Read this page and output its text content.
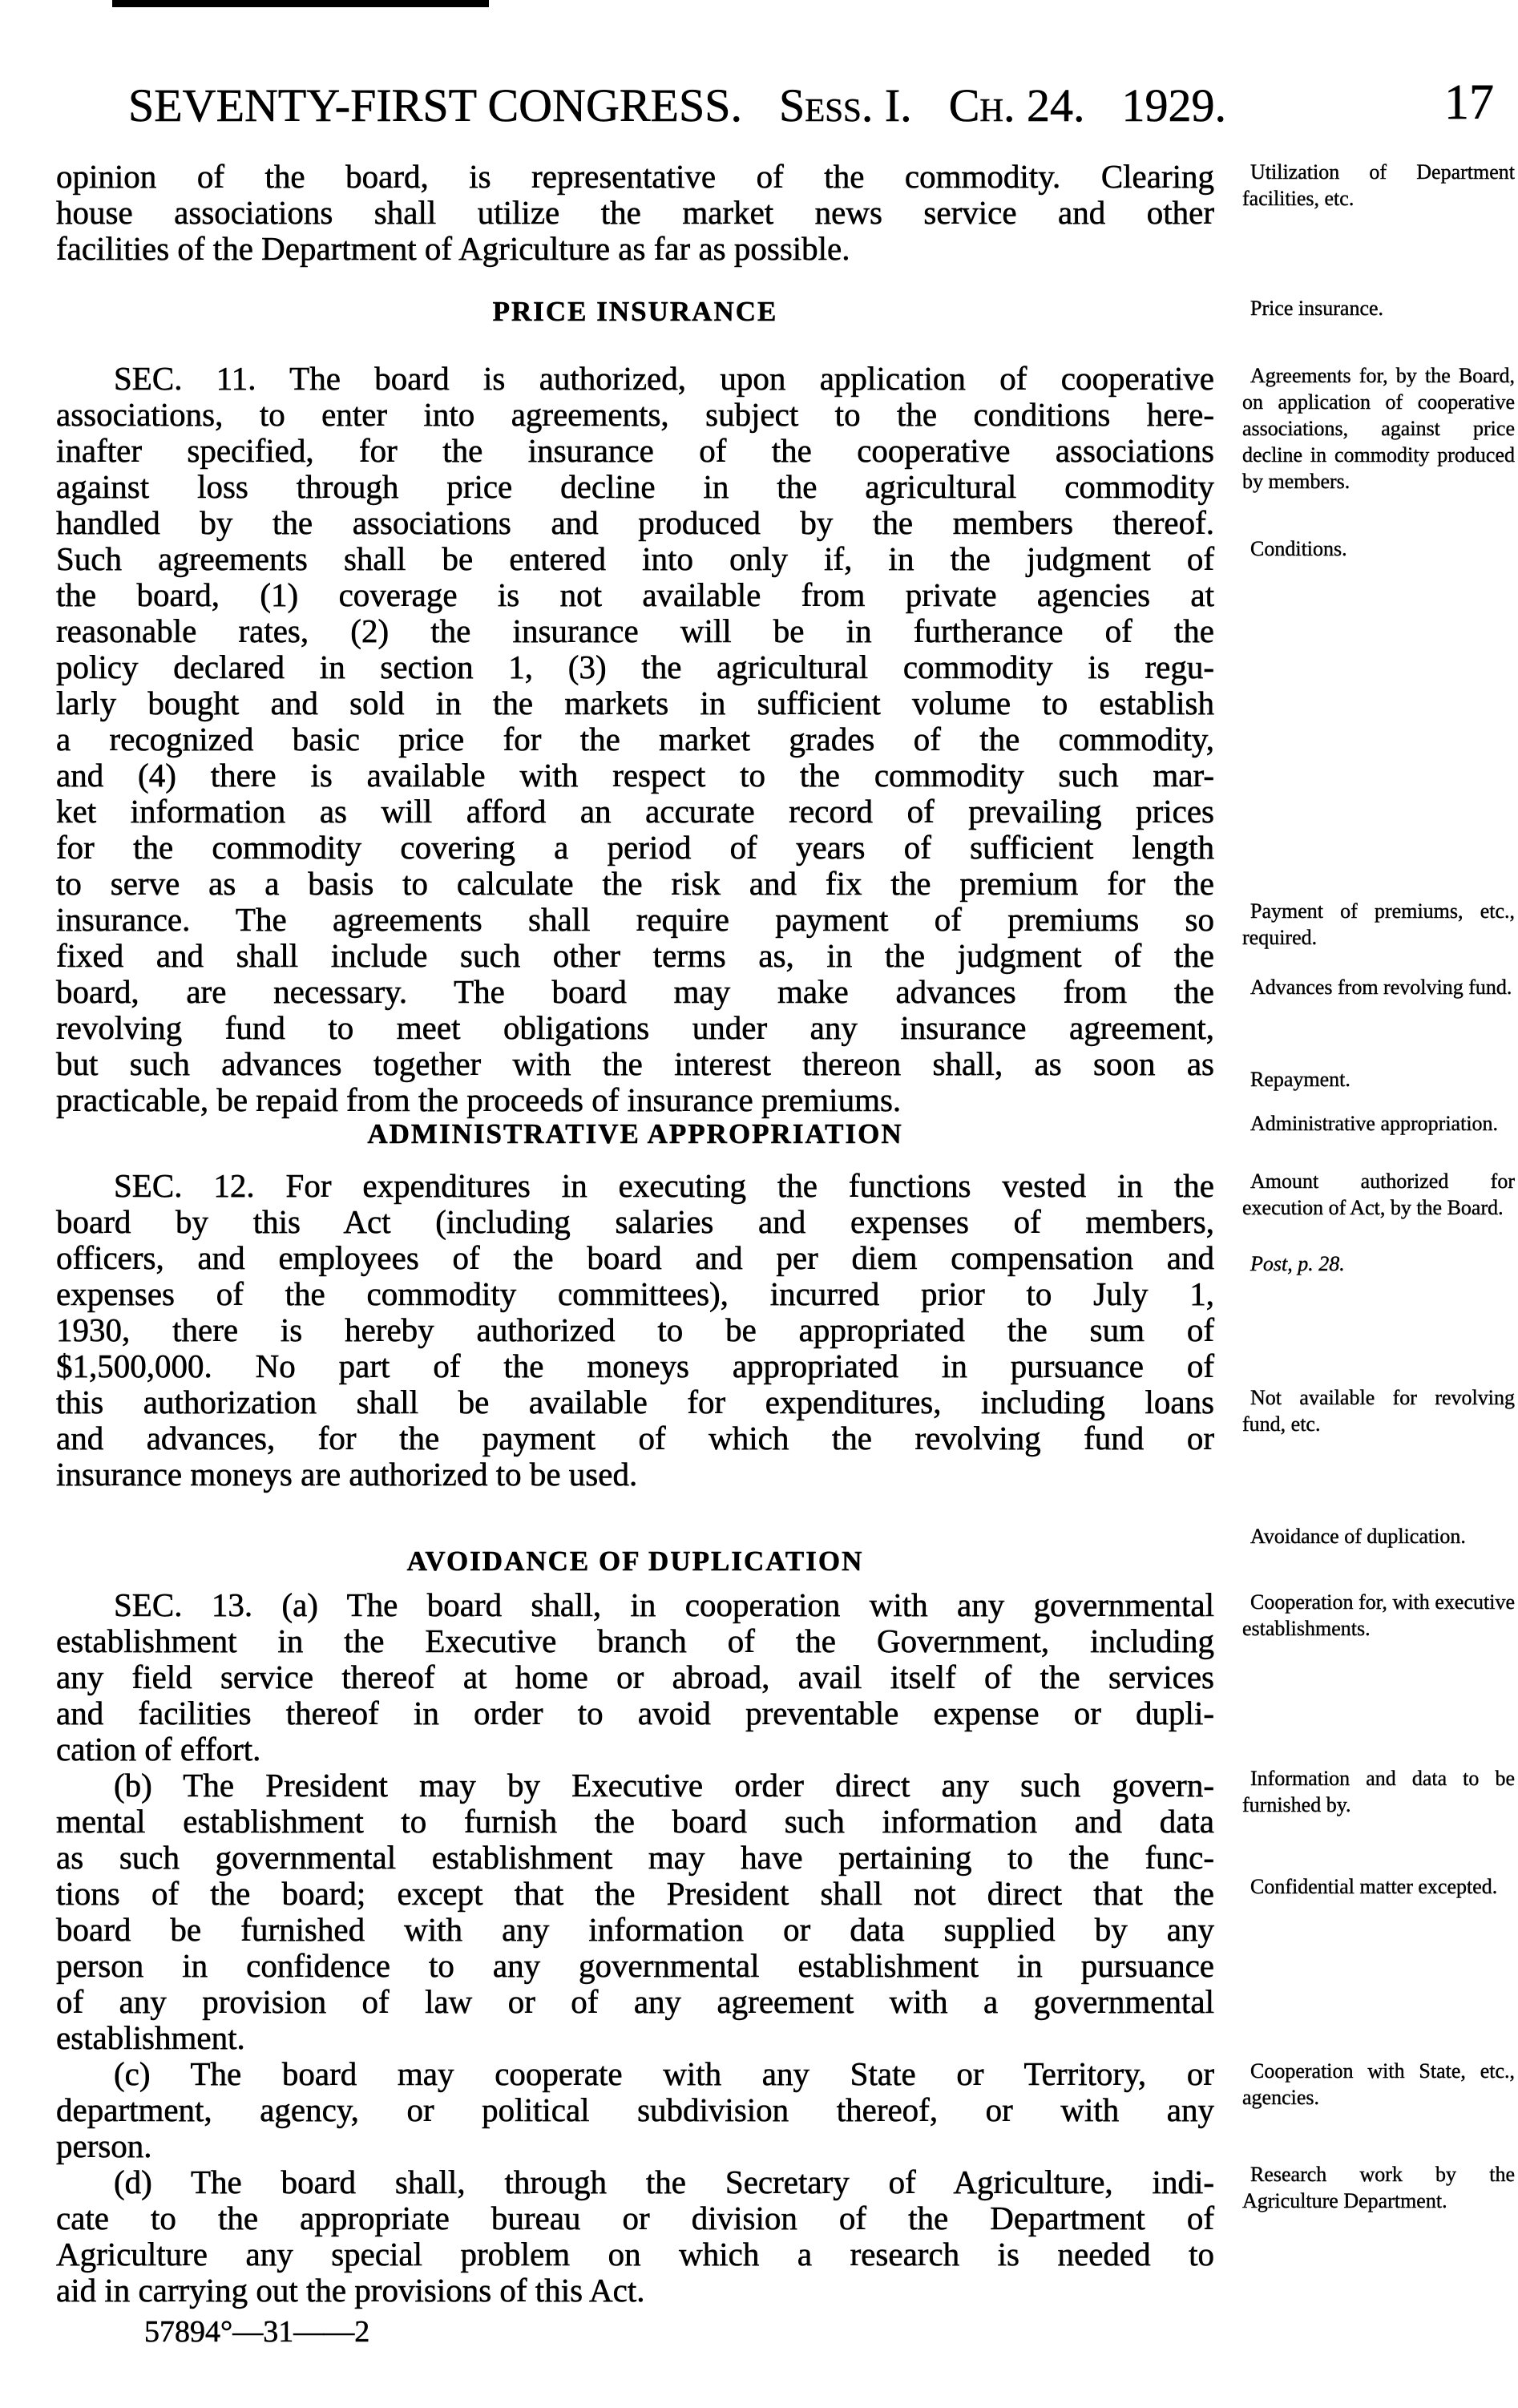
SEVENTY-FIRST CONGRESS. Sess. I. Ch. 24. 1929.	17
opinion of the board, is representative of the commodity. Clearing
house associations shall utilize the market news service and other
facilities of the Department of Agriculture as far as possible.
PRICE INSURANCE
SEC. 11. The board is authorized, upon application of cooperative
associations, to enter into agreements, subject to the conditions here-
inafter specified, for the insurance of the cooperative associations
against loss through price decline in the agricultural commodity
handled by the associations and produced by the members thereof.
Such agreements shall be entered into only if, in the judgment of
the board, (1) coverage is not available from private agencies at
reasonable rates, (2) the insurance will be in furtherance of the
policy declared in section 1, (3) the agricultural commodity is regu-
larly bought and sold in the markets in sufficient volume to establish
a recognized basic price for the market grades of the commodity,
and (4) there is available with respect to the commodity such mar-
ket information as will afford an accurate record of prevailing prices
for the commodity covering a period of years of sufficient length
to serve as a basis to calculate the risk and fix the premium for the
insurance. The agreements shall require payment of premiums so
fixed and shall include such other terms as, in the judgment of the
board, are necessary. The board may make advances from the
revolving fund to meet obligations under any insurance agreement,
but such advances together with the interest thereon shall, as soon as
practicable, be repaid from the proceeds of insurance premiums.
ADMINISTRATIVE APPROPRIATION
SEC. 12. For expenditures in executing the functions vested in the
board by this Act (including salaries and expenses of members,
officers, and employees of the board and per diem compensation and
expenses of the commodity committees), incurred prior to July 1,
1930, there is hereby authorized to be appropriated the sum of
$1,500,000. No part of the moneys appropriated in pursuance of
this authorization shall be available for expenditures, including loans
and advances, for the payment of which the revolving fund or
insurance moneys are authorized to be used.
AVOIDANCE OF DUPLICATION
SEC. 13. (a) The board shall, in cooperation with any governmental
establishment in the Executive branch of the Government, including
any field service thereof at home or abroad, avail itself of the services
and facilities thereof in order to avoid preventable expense or dupli-
cation of effort.
(b) The President may by Executive order direct any such govern-
mental establishment to furnish the board such information and data
as such governmental establishment may have pertaining to the func-
tions of the board; except that the President shall not direct that the
board be furnished with any information or data supplied by any
person in confidence to any governmental establishment in pursuance
of any provision of law or of any agreement with a governmental
establishment.
(c) The board may cooperate with any State or Territory, or
department, agency, or political subdivision thereof, or with any
person.
(d) The board shall, through the Secretary of Agriculture, indi-
cate to the appropriate bureau or division of the Department of
Agriculture any special problem on which a research is needed to
aid in carrying out the provisions of this Act.
Utilization of Department facilities, etc.
Price insurance.
Agreements for, by the Board, on application of cooperative associations, against price decline in commodity produced by members.
Conditions.
Payment of premiums, etc., required.
Advances from revolving fund.
Repayment.
Administrative appropriation.
Amount authorized for execution of Act, by the Board.
Post, p. 28.
Not available for revolving fund, etc.
Avoidance of duplication.
Cooperation for, with executive establishments.
Information and data to be furnished by.
Confidential matter excepted.
Cooperation with State, etc., agencies.
Research work by the Agriculture Department.
57894°—31——2
